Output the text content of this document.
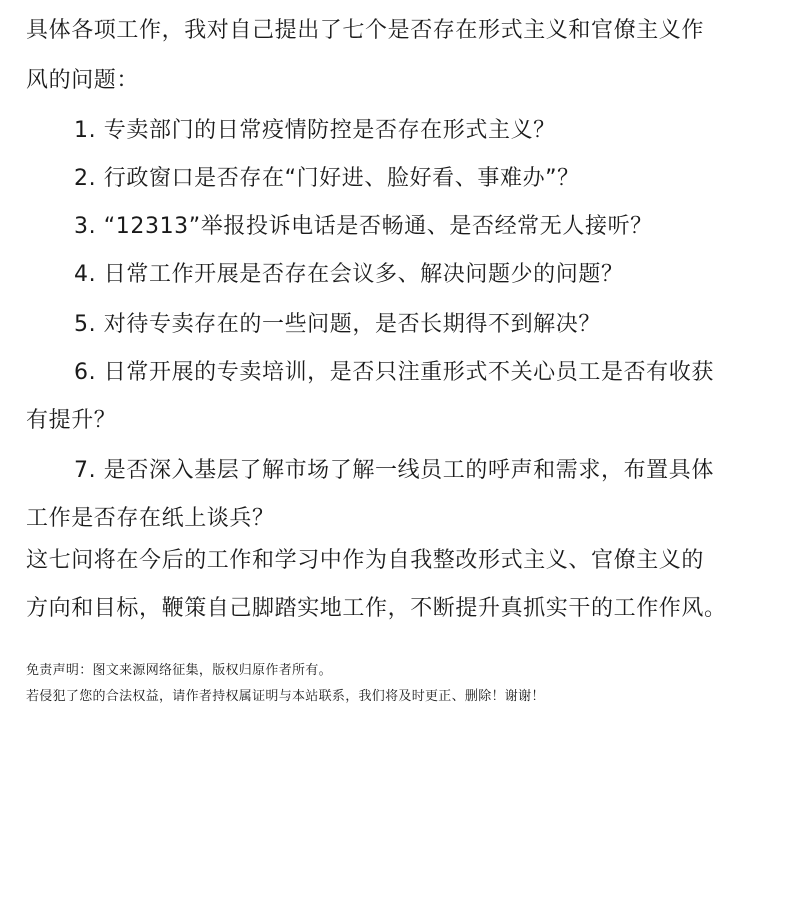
具体各项工作，我对自己提出了七个是否存在形式主义和官僚主义作
风的问题：
1. 专卖部门的日常疫情防控是否存在形式主义？
2. 行政窗口是否存在“门好进、脸好看、事难办”？
3. “12313”举报投诉电话是否畅通、是否经常无人接听？
4. 日常工作开展是否存在会议多、解决问题少的问题？
5. 对待专卖存在的一些问题，是否长期得不到解决？
6. 日常开展的专卖培训，是否只注重形式不关心员工是否有收获
有提升？
7. 是否深入基层了解市场了解一线员工的呼声和需求，布置具体
工作是否存在纸上谈兵？
这七问将在今后的工作和学习中作为自我整改形式主义、官僚主义的
方向和目标，鞭策自己脚踏实地工作，不断提升真抓实干的工作作风。
免责声明：图文来源网络征集，版权归原作者所有。
若侵犯了您的合法权益，请作者持权属证明与本站联系，我们将及时更正、删除！谢谢！
